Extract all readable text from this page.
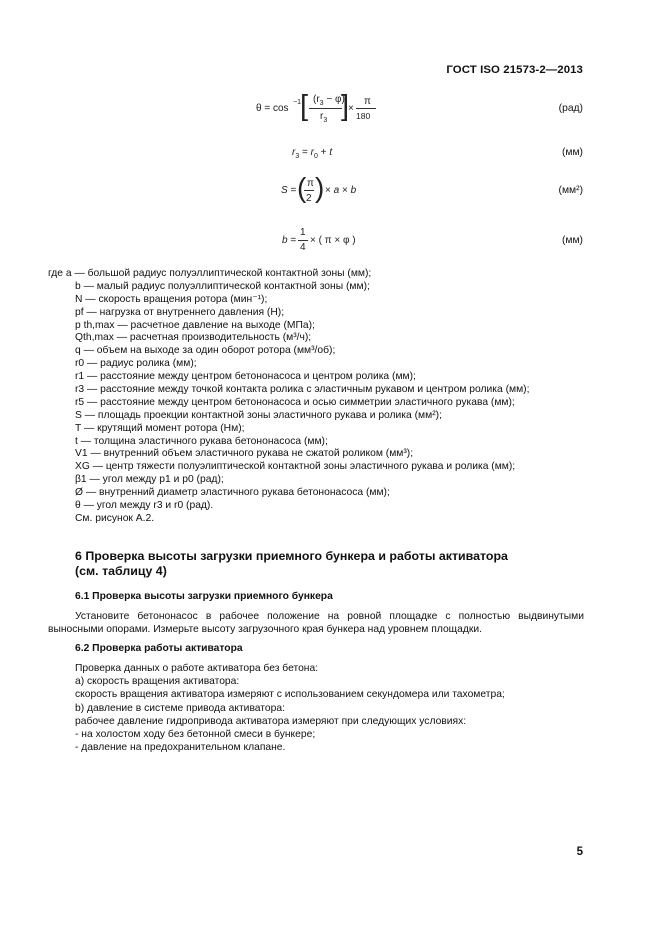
ГОСТ ISO 21573-2—2013
θ = cos
−1 [ $(r_3 - \varphi)$
$r_3$ ]
×
π
180
(рад)
$r_3 = r_0 + t$	(мм)
S = ( π
2 ) × a × b	(мм²)
b =
1
4
× ( π × φ )	(мм)
где a — большой радиус полуэллиптической контактной зоны (мм);
b — малый радиус полуэллиптической контактной зоны (мм);
N — скорость вращения ротора (мин⁻¹);
pf — нагрузка от внутреннего давления (Н);
p th,max — расчетное давление на выходе (МПа);
Qth,max — расчетная производительность (м³/ч);
q — объем на выходе за один оборот ротора (мм³/об);
r0 — радиус ролика (мм);
r1 — расстояние между центром бетононасоса и центром ролика (мм);
r3 — расстояние между точкой контакта ролика с эластичным рукавом и центром ролика (мм);
r5 — расстояние между центром бетононасоса и осью симметрии эластичного рукава (мм);
S — площадь проекции контактной зоны эластичного рукава и ролика (мм²);
T — крутящий момент ротора (Нм);
t — толщина эластичного рукава бетононасоса (мм);
V1 — внутренний объем эластичного рукава не сжатой роликом (мм³);
XG — центр тяжести полуэлиптической контактной зоны эластичного рукава и ролика (мм);
β1 — угол между p1 и p0 (рад);
Ø — внутренний диаметр эластичного рукава бетононасоса (мм);
θ — угол между r3 и r0 (рад).
См. рисунок А.2.
6 Проверка высоты загрузки приемного бункера и работы активатора
(см. таблицу 4)
6.1 Проверка высоты загрузки приемного бункера
Установите бетононасос в рабочее положение на ровной площадке с полностью выдвинутыми выносными опорами. Измерьте высоту загрузочного края бункера над уровнем площадки.
6.2 Проверка работы активатора
Проверка данных о работе активатора без бетона:
a) скорость вращения активатора:
скорость вращения активатора измеряют с использованием секундомера или тахометра;
b) давление в системе привода активатора:
рабочее давление гидропривода активатора измеряют при следующих условиях:
- на холостом ходу без бетонной смеси в бункере;
- давление на предохранительном клапане.
5
